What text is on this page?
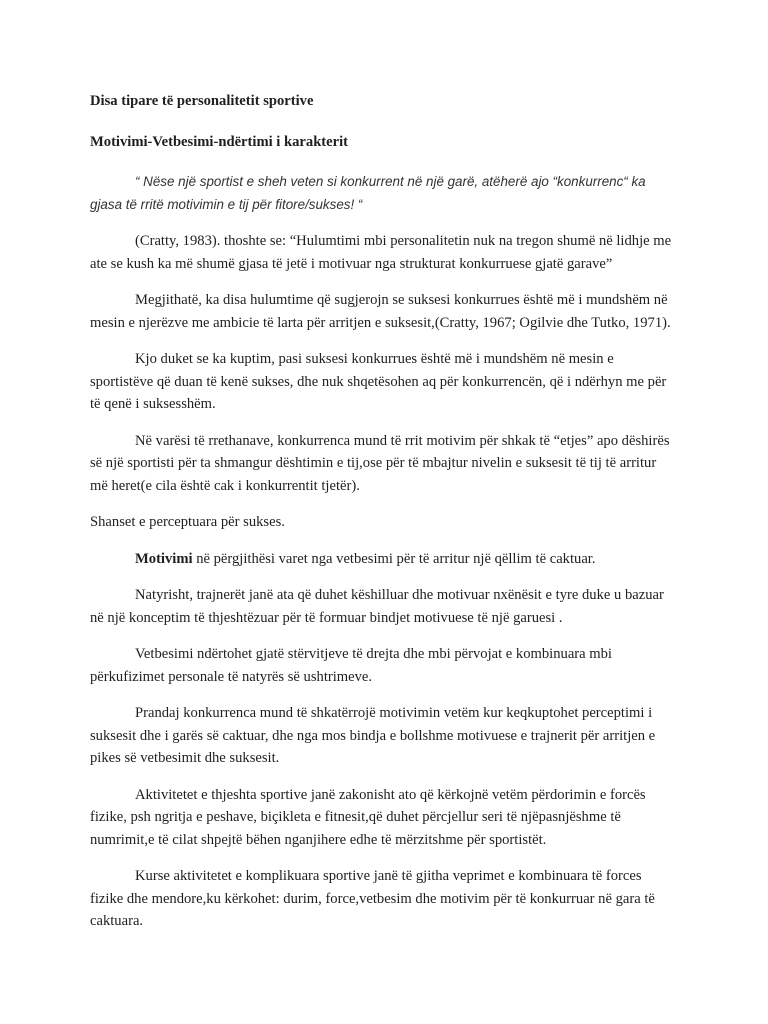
Disa tipare të personalitetit sportive

Motivimi-Vetbesimi-ndërtimi i karakterit

“ Nëse një sportist e sheh veten si konkurrent në një garë, atëherë ajo “konkurrenc“ ka gjasa të rritë motivimin e tij për fitore/sukses! “

(Cratty, 1983). thoshte se: “Hulumtimi mbi personalitetin nuk na tregon shumë në lidhje me ate se kush ka më shumë gjasa të jetë i motivuar nga strukturat konkurruese gjatë garave”

Megjithatë, ka disa hulumtime që sugjerojn se suksesi konkurrues është më i mundshëm në mesin e njerëzve me ambicie të larta për arritjen e suksesit,(Cratty, 1967; Ogilvie dhe Tutko, 1971).

Kjo duket se ka kuptim, pasi suksesi konkurrues është më i mundshëm në mesin e sportistëve që duan të kenë sukses, dhe nuk shqetësohen aq për konkurrencën, që i ndërhyn me për të qenë i suksesshëm.

Në varësi të rrethanave, konkurrenca mund të rrit motivim për shkak të “etjes” apo dëshirës së një sportisti për ta shmangur dështimin e tij,ose për të mbajtur nivelin e suksesit të tij të arritur më heret(e cila është cak i konkurrentit tjetër).

Shanset e perceptuara për sukses.

Motivimi në përgjithësi varet nga vetbesimi për të arritur një qëllim të caktuar.

Natyrisht, trajnerët janë ata që duhet këshilluar dhe motivuar nxënësit e tyre duke u bazuar në një konceptim të thjeshtëzuar për të formuar bindjet motivuese të një garuesi .

Vetbesimi ndërtohet gjatë stërvitjeve të drejta dhe mbi përvojat e kombinuara mbi përkufizimet personale të natyrës së ushtrimeve.

Prandaj konkurrenca mund të shkatërrojë motivimin vetëm kur keqkuptohet perceptimi i suksesit dhe i garës së caktuar, dhe nga mos bindja e bollshme motivuese e trajnerit për arritjen e pikes së vetbesimit dhe suksesit.

Aktivitetet e thjeshta sportive janë zakonisht ato që kërkojnë vetëm përdorimin e forcës fizike, psh ngritja e peshave, biçikleta e fitnesit,që duhet përcjellur seri të njëpasnjëshme të numrimit,e të cilat shpejtë bëhen nganjihere edhe të mërzitshme për sportistët.

Kurse aktivitetet e komplikuara sportive janë të gjitha veprimet e kombinuara të forces fizike dhe mendore,ku kërkohet: durim, force,vetbesim dhe motivim për të konkurruar në gara të caktuara.
